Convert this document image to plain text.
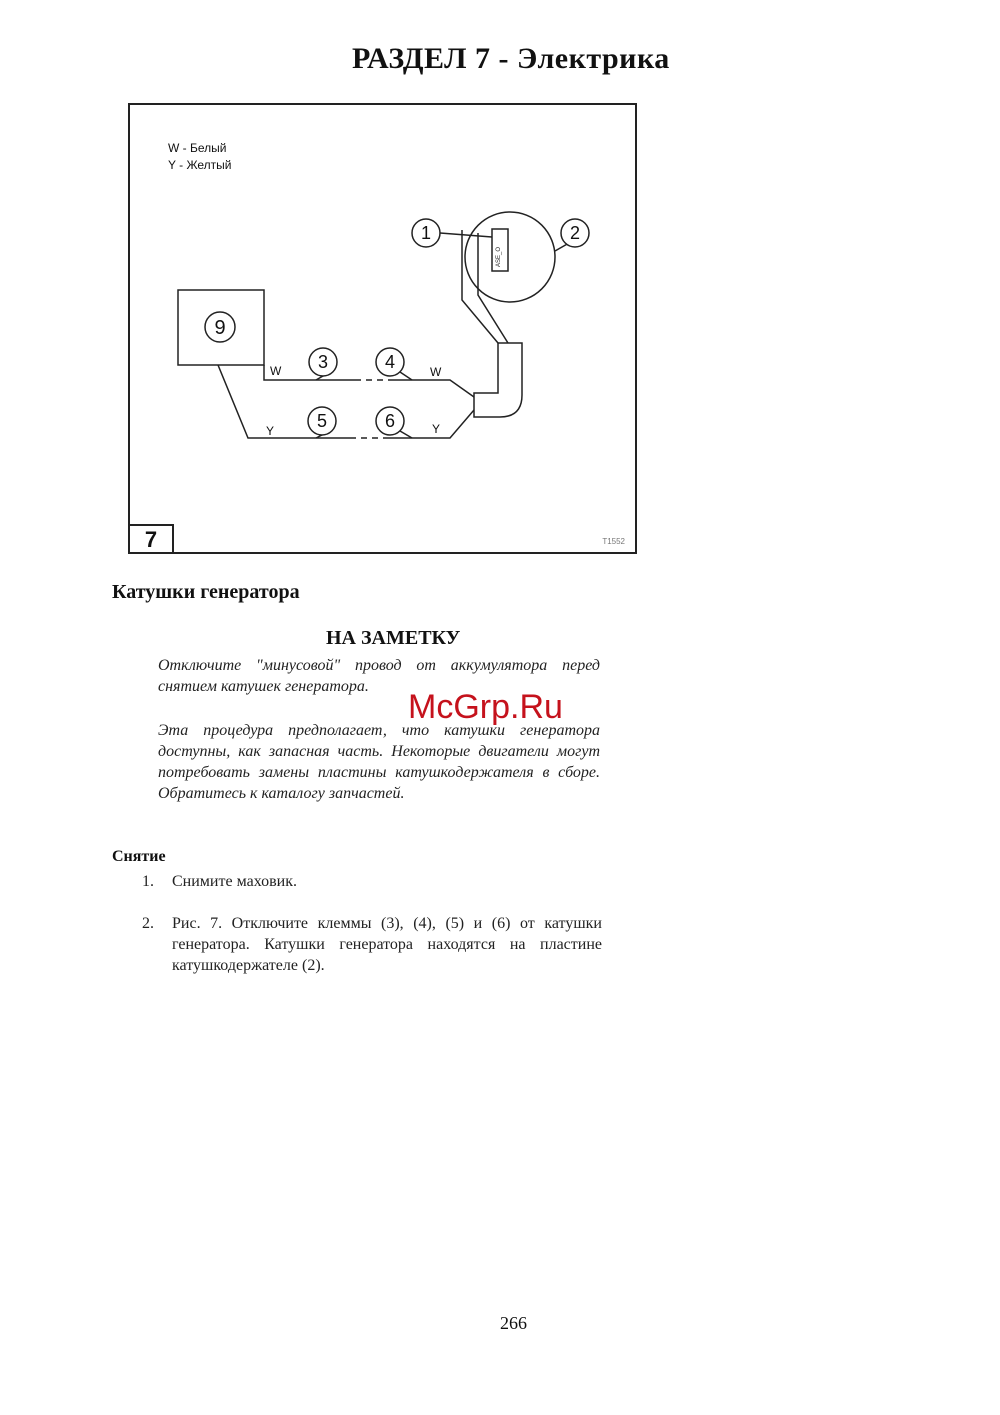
РАЗДЕЛ 7 - Электрика
W - Белый
Y - Желтый
ASE_O
1	2
3	4
5	6
9
W	W
Y	Y
7	T1552
Катушки генератора
НА ЗАМЕТКУ
Отключите "минусовой" провод от аккумулятора перед снятием катушек генератора.
Эта процедура предполагает, что катушки генератора доступны, как запасная часть. Некоторые двигатели могут потребовать замены пластины катушкодержателя в сборе. Обратитесь к каталогу запчастей.
McGrp.Ru
Снятие
1. Снимите маховик.
2. Рис. 7. Отключите клеммы (3), (4), (5) и (6) от катушки генератора. Катушки генератора находятся на пластине катушкодержателе (2).
266
